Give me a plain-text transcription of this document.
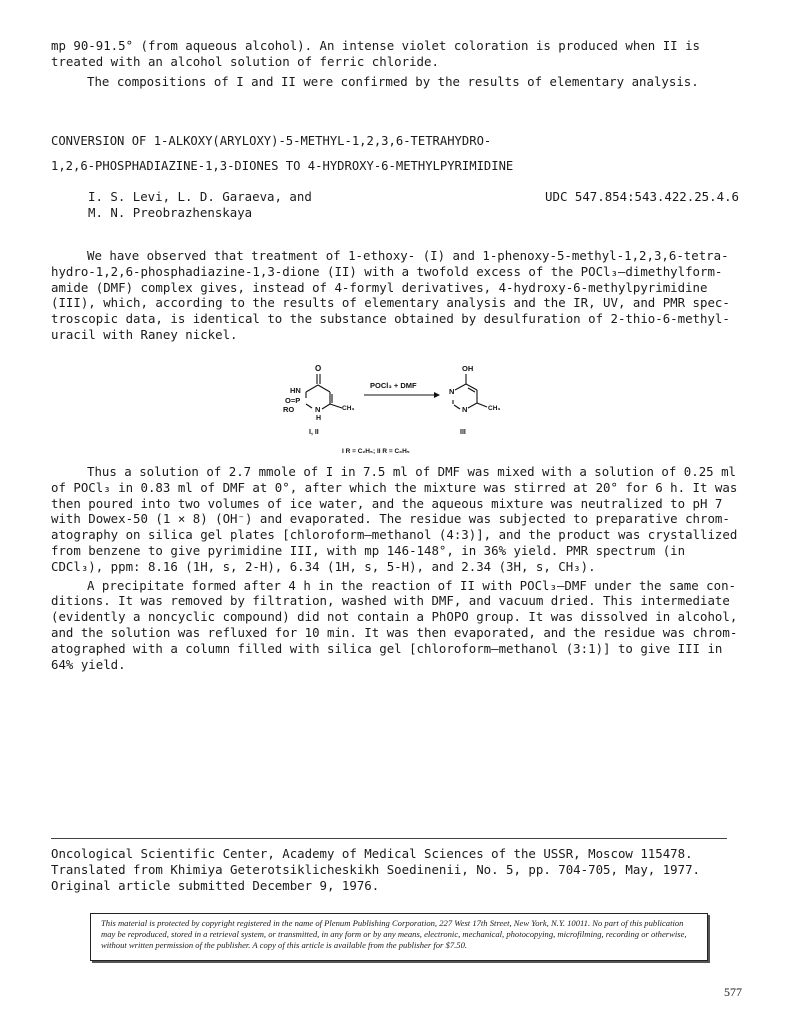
mp 90-91.5° (from aqueous alcohol). An intense violet coloration is produced when II is treated with an alcohol solution of ferric chloride.

The compositions of I and II were confirmed by the results of elementary analysis.

CONVERSION OF 1-ALKOXY(ARYLOXY)-5-METHYL-1,2,3,6-TETRAHYDRO-
1,2,6-PHOSPHADIAZINE-1,3-DIONES TO 4-HYDROXY-6-METHYLPYRIMIDINE
I. S. Levi, L. D. Garaeva, and
M. N. Preobrazhenskaya
UDC 547.854:543.422.25.4.6

We have observed that treatment of 1-ethoxy- (I) and 1-phenoxy-5-methyl-1,2,3,6-tetra-hydro-1,2,6-phosphadiazine-1,3-dione (II) with a twofold excess of the POCl₃—dimethylform-amide (DMF) complex gives, instead of 4-formyl derivatives, 4-hydroxy-6-methylpyrimidine (III), which, according to the results of elementary analysis and the IR, UV, and PMR spec-troscopic data, is identical to the substance obtained by desulfuration of 2-thio-6-methyl-uracil with Raney nickel.

O
HN
O=P
RO	N
H
CH₃
I, II
POCl₃ + DMF
OH
N
N	CH₃
III
I R = C₂H₅; II R = C₆H₅

Thus a solution of 2.7 mmole of I in 7.5 ml of DMF was mixed with a solution of 0.25 ml of POCl₃ in 0.83 ml of DMF at 0°, after which the mixture was stirred at 20° for 6 h. It was then poured into two volumes of ice water, and the aqueous mixture was neutralized to pH 7 with Dowex-50 (1 × 8) (OH⁻) and evaporated. The residue was subjected to preparative chrom-atography on silica gel plates [chloroform—methanol (4:3)], and the product was crystallized from benzene to give pyrimidine III, with mp 146-148°, in 36% yield. PMR spectrum (in CDCl₃), ppm: 8.16 (1H, s, 2-H), 6.34 (1H, s, 5-H), and 2.34 (3H, s, CH₃).

A precipitate formed after 4 h in the reaction of II with POCl₃—DMF under the same con-ditions. It was removed by filtration, washed with DMF, and vacuum dried. This intermediate (evidently a noncyclic compound) did not contain a PhOPO group. It was dissolved in alcohol, and the solution was refluxed for 10 min. It was then evaporated, and the residue was chrom-atographed with a column filled with silica gel [chloroform—methanol (3:1)] to give III in 64% yield.

Oncological Scientific Center, Academy of Medical Sciences of the USSR, Moscow 115478.
Translated from Khimiya Geterotsiklicheskikh Soedinenii, No. 5, pp. 704-705, May, 1977.
Original article submitted December 9, 1976.
This material is protected by copyright registered in the name of Plenum Publishing Corporation, 227 West 17th Street, New York, N.Y. 10011. No part of this publication may be reproduced, stored in a retrieval system, or transmitted, in any form or by any means, electronic, mechanical, photocopying, microfilming, recording or otherwise, without written permission of the publisher. A copy of this article is available from the publisher for $7.50.
577
